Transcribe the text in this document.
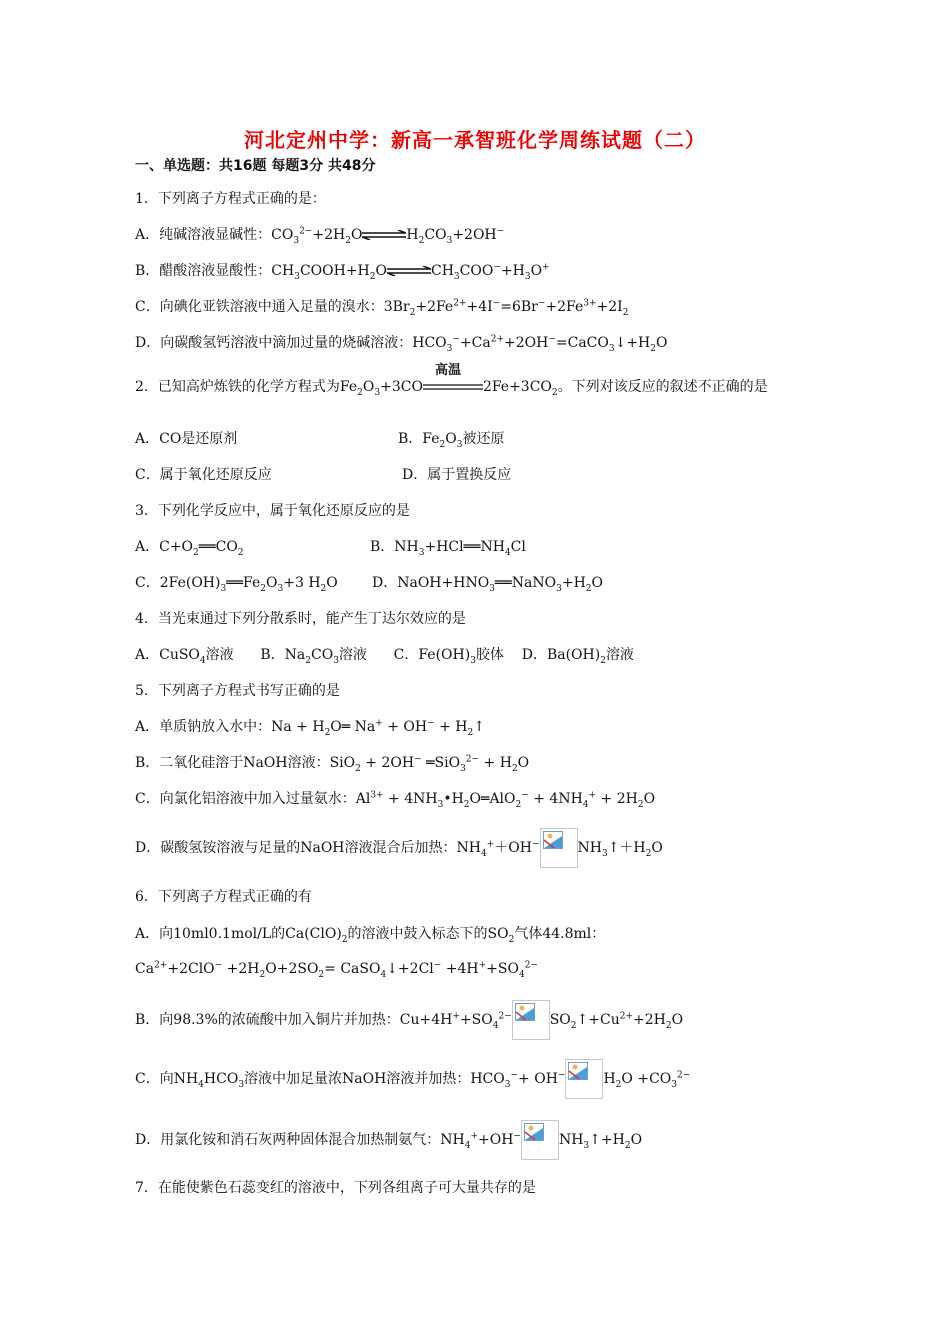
河北定州中学：新高一承智班化学周练试题（二）
一、单选题：共16题 每题3分 共48分
1．下列离子方程式正确的是：
A．纯碱溶液显碱性：$CO_3^{2-}+2H_2O\rightleftharpoons H_2CO_3+2OH^-$
B．醋酸溶液显酸性：$CH_3COOH+H_2O\rightleftharpoons CH_3COO^-+H_3O^+$
C．向碘化亚铁溶液中通入足量的溴水：$3Br_2+2Fe^{2+}+4I^-=6Br^-+2Fe^{3+}+2I_2$
D．向碳酸氢钙溶液中滴加过量的烧碱溶液：$HCO_3^-+Ca^{2+}+2OH^-=CaCO_3↓+H_2O$
2．已知高炉炼铁的化学方程式为$Fe_2O_3+3CO$
高温
$2Fe+3CO_2$。下列对该反应的叙述不正确的是
A．CO是还原剂	B．$Fe_2O_3$被还原
C．属于氧化还原反应	D．属于置换反应
3．下列化学反应中，属于氧化还原反应的是
A．$C+O_2══CO_2$	B．$NH_3+HCl══NH_4Cl$
C．$2Fe(OH)_3══Fe_2O_3+3$ $H_2O$ D．$NaOH+HNO_3══NaNO_3+H_2O$
4．当光束通过下列分散系时，能产生丁达尔效应的是
A．CuSO$_4$溶液      B．$Na_2CO_3$溶液      C．$Fe(OH)_3$胶体    D．$Ba(OH)_2$溶液
5．下列离子方程式书写正确的是
A．单质钠放入水中：$Na + H_2O═$ $Na^+ + OH^- + H_2↑$
B．二氧化硅溶于NaOH溶液：SiO$_2$ + 2OH− ═SiO$_3^{2-}$ + $H_2O$
C．向氯化铝溶液中加入过量氨水：$Al^{3+}$ + $4NH_3•H_2O═AlO_2^- + 4NH_4^+ + 2H_2O$
D．碳酸氢铵溶液与足量的NaOH溶液混合后加热：$NH_4^++OH^-$	$NH_3↑+H_2O$
6．下列离子方程式正确的有
A．向10ml0.1mol/L的$Ca(ClO)_2$的溶液中鼓入标态下的$SO_2$气体44.8ml：
$Ca^{2+}+2ClO^- +2H_2O+2SO_2=$ CaSO$_4$↓+2Cl− $+4H^++SO_4^{2-}$
B．向98.3%的浓硫酸中加入铜片并加热：$Cu+4H^++SO_4^{2-}$	$SO_2↑+Cu^{2+}+2H_2O$
C．向$NH_4HCO_3$溶液中加足量浓NaOH溶液并加热：$HCO_3^-+ OH^-$	$H_2O +CO_3^{2-}$
D．用氯化铵和消石灰两种固体混合加热制氨气：$NH_4^++OH^-$	$NH_3↑+H_2O$
7．在能使紫色石蕊变红的溶液中，下列各组离子可大量共存的是
